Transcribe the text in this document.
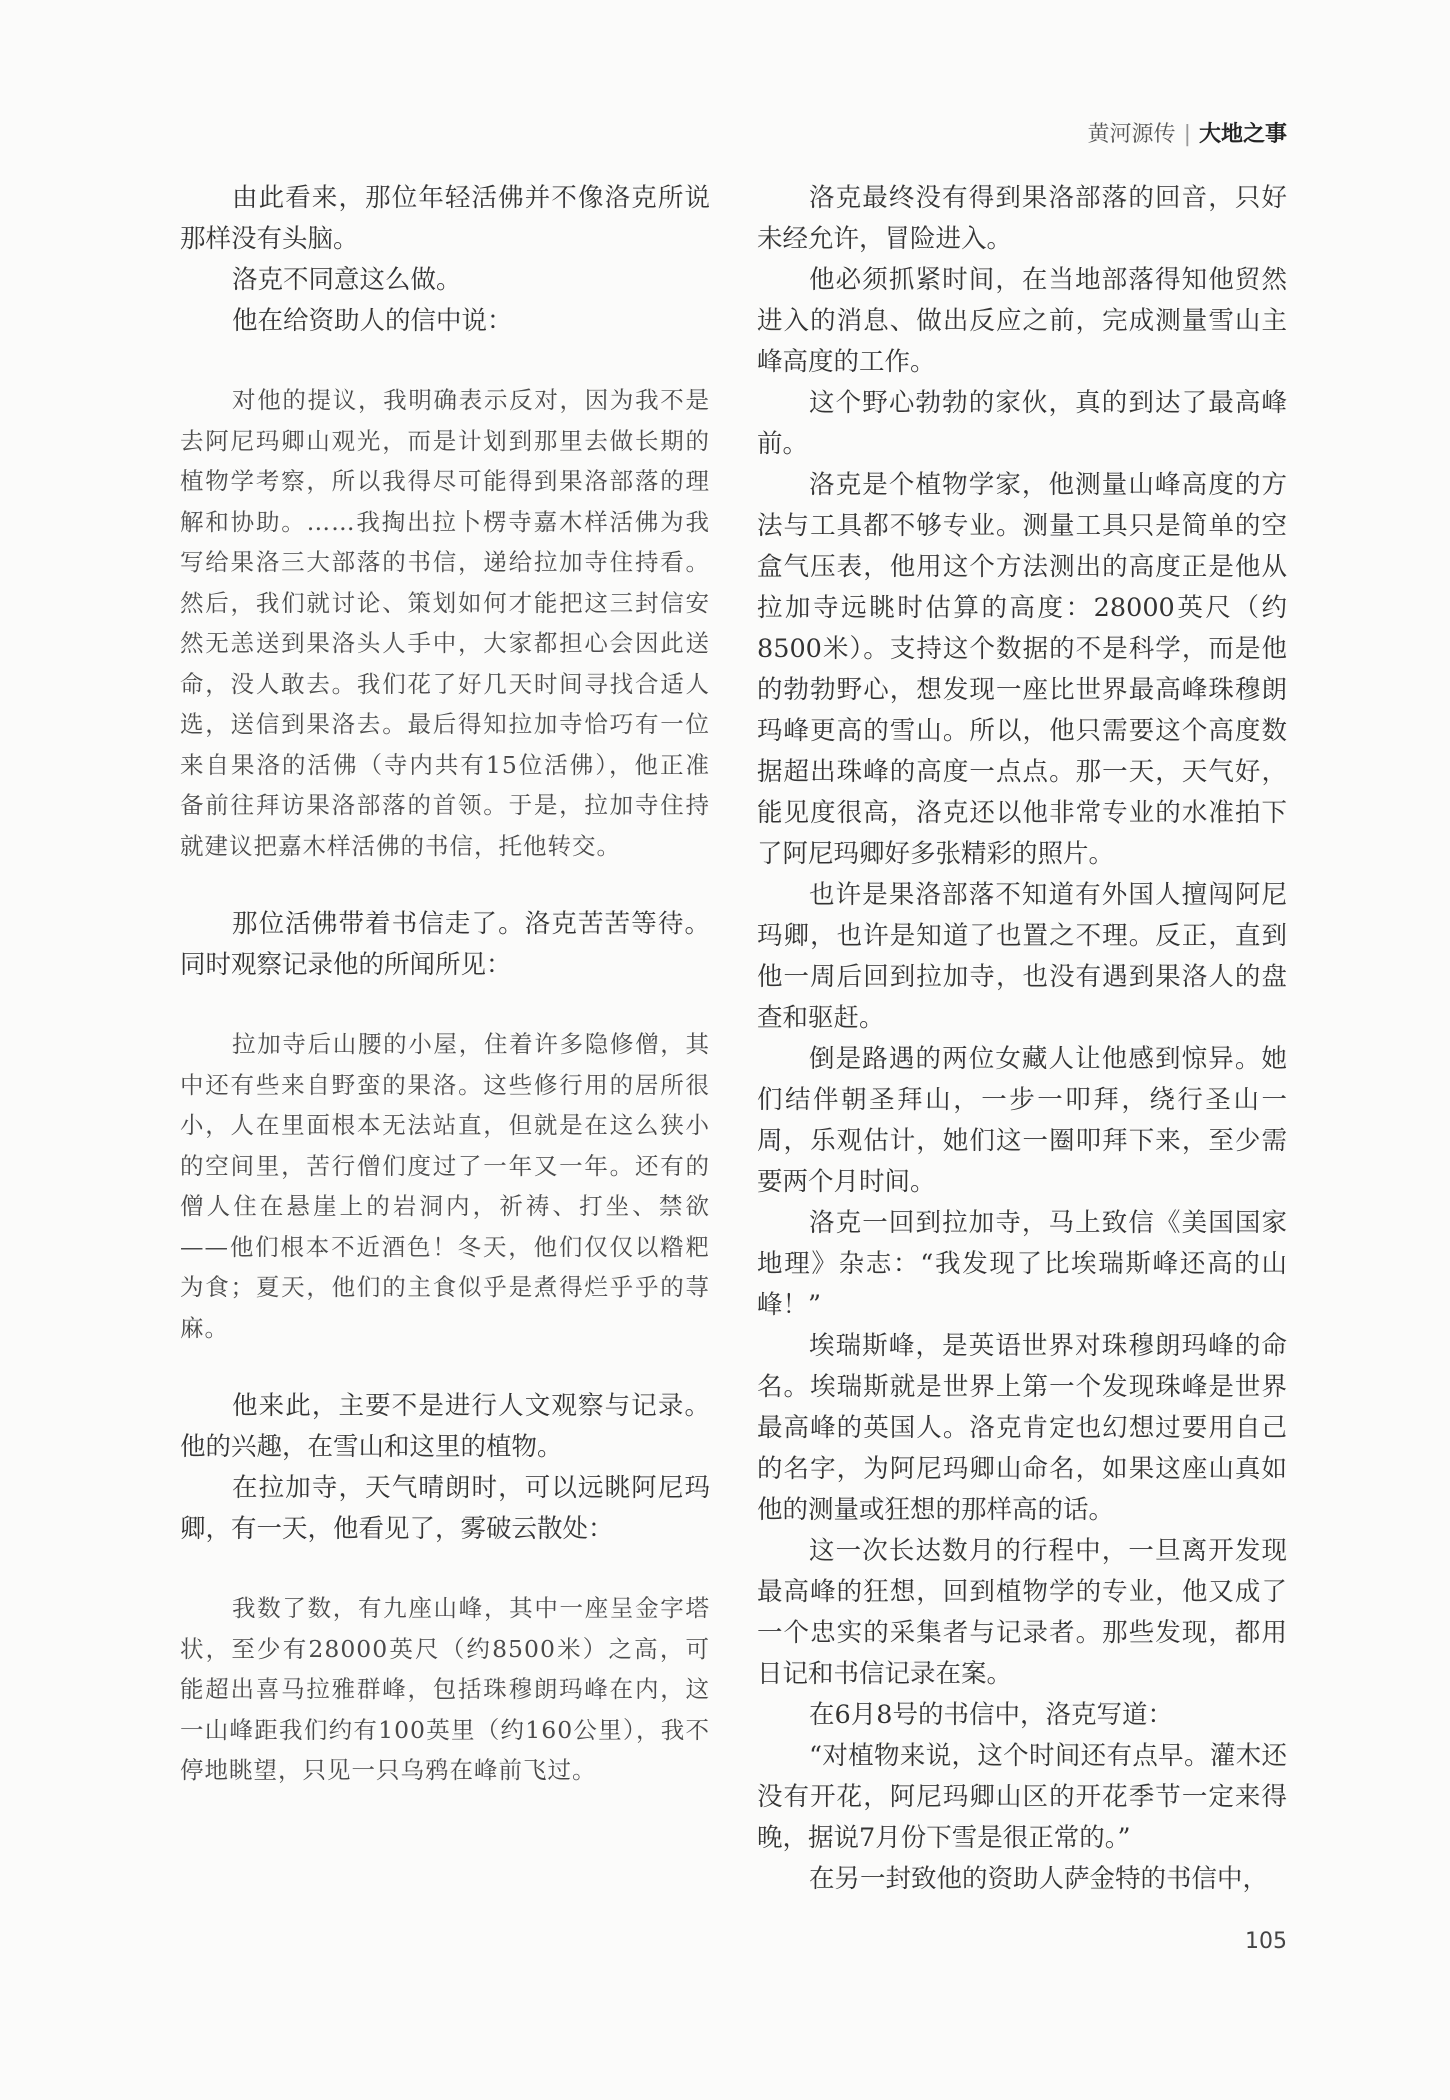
黄河源传 | 大地之事

由此看来，那位年轻活佛并不像洛克所说那样没有头脑。

洛克不同意这么做。

他在给资助人的信中说：

对他的提议，我明确表示反对，因为我不是去阿尼玛卿山观光，而是计划到那里去做长期的植物学考察，所以我得尽可能得到果洛部落的理解和协助。……我掏出拉卜楞寺嘉木样活佛为我写给果洛三大部落的书信，递给拉加寺住持看。然后，我们就讨论、策划如何才能把这三封信安然无恙送到果洛头人手中，大家都担心会因此送命，没人敢去。我们花了好几天时间寻找合适人选，送信到果洛去。最后得知拉加寺恰巧有一位来自果洛的活佛（寺内共有15位活佛），他正准备前往拜访果洛部落的首领。于是，拉加寺住持就建议把嘉木样活佛的书信，托他转交。

那位活佛带着书信走了。洛克苦苦等待。同时观察记录他的所闻所见：

拉加寺后山腰的小屋，住着许多隐修僧，其中还有些来自野蛮的果洛。这些修行用的居所很小，人在里面根本无法站直，但就是在这么狭小的空间里，苦行僧们度过了一年又一年。还有的僧人住在悬崖上的岩洞内，祈祷、打坐、禁欲——他们根本不近酒色！冬天，他们仅仅以糌粑为食；夏天，他们的主食似乎是煮得烂乎乎的荨麻。

他来此，主要不是进行人文观察与记录。他的兴趣，在雪山和这里的植物。

在拉加寺，天气晴朗时，可以远眺阿尼玛卿，有一天，他看见了，雾破云散处：

我数了数，有九座山峰，其中一座呈金字塔状，至少有28000英尺（约8500米）之高，可能超出喜马拉雅群峰，包括珠穆朗玛峰在内，这一山峰距我们约有100英里（约160公里），我不停地眺望，只见一只乌鸦在峰前飞过。

洛克最终没有得到果洛部落的回音，只好未经允许，冒险进入。

他必须抓紧时间，在当地部落得知他贸然进入的消息、做出反应之前，完成测量雪山主峰高度的工作。

这个野心勃勃的家伙，真的到达了最高峰前。

洛克是个植物学家，他测量山峰高度的方法与工具都不够专业。测量工具只是简单的空盒气压表，他用这个方法测出的高度正是他从拉加寺远眺时估算的高度：28000英尺（约8500米）。支持这个数据的不是科学，而是他的勃勃野心，想发现一座比世界最高峰珠穆朗玛峰更高的雪山。所以，他只需要这个高度数据超出珠峰的高度一点点。那一天，天气好，能见度很高，洛克还以他非常专业的水准拍下了阿尼玛卿好多张精彩的照片。

也许是果洛部落不知道有外国人擅闯阿尼玛卿，也许是知道了也置之不理。反正，直到他一周后回到拉加寺，也没有遇到果洛人的盘查和驱赶。

倒是路遇的两位女藏人让他感到惊异。她们结伴朝圣拜山，一步一叩拜，绕行圣山一周，乐观估计，她们这一圈叩拜下来，至少需要两个月时间。

洛克一回到拉加寺，马上致信《美国国家地理》杂志：“我发现了比埃瑞斯峰还高的山峰！”

埃瑞斯峰，是英语世界对珠穆朗玛峰的命名。埃瑞斯就是世界上第一个发现珠峰是世界最高峰的英国人。洛克肯定也幻想过要用自己的名字，为阿尼玛卿山命名，如果这座山真如他的测量或狂想的那样高的话。

这一次长达数月的行程中，一旦离开发现最高峰的狂想，回到植物学的专业，他又成了一个忠实的采集者与记录者。那些发现，都用日记和书信记录在案。

在6月8号的书信中，洛克写道：

“对植物来说，这个时间还有点早。灌木还没有开花，阿尼玛卿山区的开花季节一定来得晚，据说7月份下雪是很正常的。”

在另一封致他的资助人萨金特的书信中，

105
